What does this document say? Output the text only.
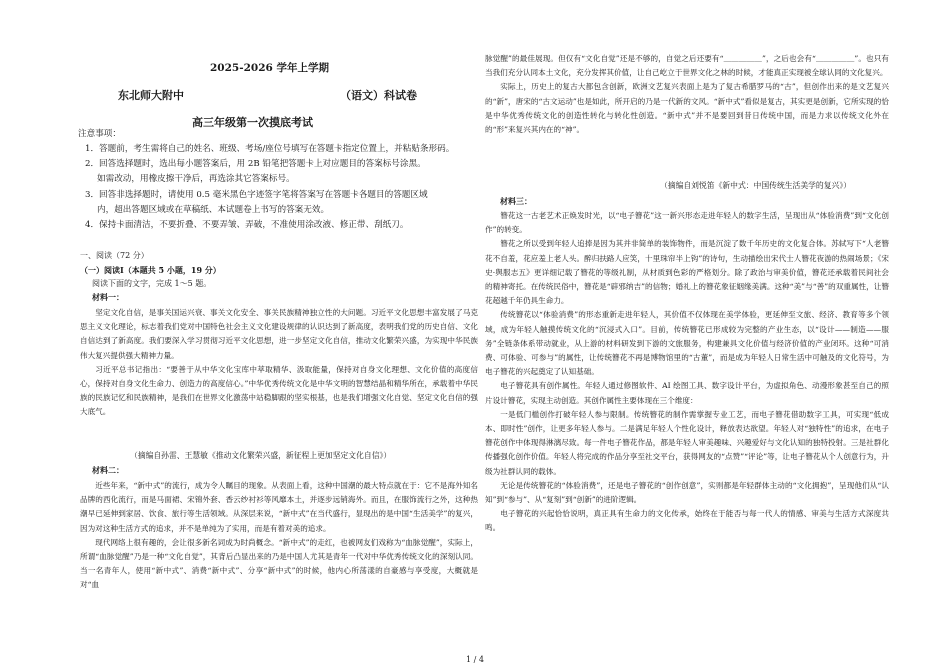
2025-2026 学年上学期
东北师大附中	（语文）科试卷
高三年级第一次摸底考试
注意事项：
1．答题前，考生需将自己的姓名、班级、考场/座位号填写在答题卡指定位置上，并粘贴条形码。
2．回答选择题时，选出每小题答案后，用 2B 铅笔把答题卡上对应题目的答案标号涂黑。
如需改动，用橡皮擦干净后，再选涂其它答案标号。
3．回答非选择题时，请使用 0.5 毫米黑色字迹签字笔将答案写在答题卡各题目的答题区域
内，超出答题区域或在草稿纸、本试题卷上书写的答案无效。
4．保持卡面清洁，不要折叠、不要弄皱、弄破，不准使用涂改液、修正带、刮纸刀。
一、阅读（72 分）
（一）阅读I（本题共 5 小题，19 分）
阅读下面的文字，完成 1～5 题。
材料一：

坚定文化自信，是事关国运兴衰、事关文化安全、事关民族精神独立性的大问题。习近平文化思想丰富发展了马克思主义文化理论，标志着我们党对中国特色社会主义文化建设规律的认识达到了新高度，表明我们党的历史自信、文化自信达到了新高度。我们要深入学习贯彻习近平文化思想，进一步坚定文化自信，推动文化繁荣兴盛，为实现中华民族伟大复兴提供强大精神力量。

习近平总书记指出：“要善于从中华文化宝库中萃取精华、汲取能量，保持对自身文化理想、文化价值的高度信心，保持对自身文化生命力、创造力的高度信心。”中华优秀传统文化是中华文明的智慧结晶和精华所在，承载着中华民族的民族记忆和民族精神，是我们在世界文化激荡中站稳脚跟的坚实根基，也是我们增强文化自觉、坚定文化自信的强大底气。

（摘编自孙雷、王慧敏《推动文化繁荣兴盛，新征程上更加坚定文化自信》）
材料二：

近些年来，“新中式”的流行，成为令人瞩目的现象。从表面上看，这种中国潮的最大特点就在于：它不是海外知名品牌的西化流行，而是马面裙、宋锦外套、香云纱衬衫等风靡本土，并逐步远销海外。而且，在服饰流行之外，这种热潮早已延伸到家居、饮食、旅行等生活领域。从深层来说，“新中式”在当代盛行，显现出的是中国“生活美学”的复兴，因为对这种生活方式的追求，并不是单纯为了实用，而是有着对美的追求。

现代网络上很有趣的，会让很多新名词成为时尚概念。“新中式”的走红，也被网友们戏称为“血脉觉醒”，实际上，所谓“血脉觉醒”乃是一种“文化自觉”，其背后凸显出来的乃是中国人尤其是青年一代对中华优秀传统文化的深刻认同。当一名青年人，使用“新中式”、消费“新中式”、分享“新中式”的时候，他内心所荡漾的自豪感与享受度，大概就是对“血

脉觉醒”的最佳展现。但仅有“文化自觉”还是不够的，自觉之后还要有“＿＿＿＿＿”，之后也会有“＿＿＿＿＿”。也只有当我们充分认同本土文化，充分发挥其价值，让自己屹立于世界文化之林的时候，才能真正实现被全球认同的文化复兴。

实际上，历史上的复古大都包含创新，欧洲文艺复兴表面上是为了复古希腊罗马的“古”，但创作出来的是文艺复兴的“新”，唐宋的“古文运动”也是如此，所开启的乃是一代新的文风。“新中式”看似是复古，其实更是创新，它所实现的恰是中华优秀传统文化的创造性转化与转化性创造。“新中式”并不是要回到昔日传统中国，而是力求以传统文化外在的“形”来复兴其内在的“神”。

（摘编自刘悦笛《新中式：中国传统生活美学的复兴》）
材料三：

簪花这一古老艺术正焕发时光，以“电子簪花”这一新兴形态走进年轻人的数字生活，呈现出从“体验消费”到“文化创作”的转变。

簪花之所以受到年轻人追捧是因为其并非简单的装饰物件，而是沉淀了数千年历史的文化复合体。苏轼写下“人老簪花不自羞，花应羞上老人头。醉归扶路人应笑，十里珠帘半上钩”的诗句，生动描绘出宋代士人簪花夜游的热闹场景；《宋史·舆服志五》更详细记载了簪花的等级礼制，从材质到色彩的严格划分。除了政治与审美价值，簪花还承载着民间社会的精神寄托。在传统民俗中，簪花是“辟邪纳吉”的信物；婚礼上的簪花象征姻缘美满。这种“美”与“善”的双重属性，让簪花超越千年仍具生命力。

传统簪花以“体验消费”的形态重新走进年轻人，其价值不仅体现在美学体验，更延伸至文旅、经济、教育等多个领域，成为年轻人触摸传统文化的“沉浸式入口”。目前，传统簪花已形成较为完整的产业生态，以“设计——制造——服务”全链条体系带动就业，从上游的材料研发到下游的文旅服务，构建兼具文化价值与经济价值的产业闭环。这种“可消费、可体验、可参与”的属性，让传统簪花不再是博物馆里的“古董”，而是成为年轻人日常生活中可触及的文化符号，为电子簪花的兴起奠定了认知基础。

电子簪花具有创作属性。年轻人通过修图软件、AI 绘图工具、数字设计平台，为虚拟角色、动漫形象甚至自己的照片设计簪花，实现主动创造。其创作属性主要体现在三个维度：

一是低门槛创作打破年轻人参与限制。传统簪花的制作需掌握专业工艺，而电子簪花借助数字工具，可实现“低成本、即时性”创作，让更多年轻人参与。二是满足年轻人个性化设计，释放表达欲望。年轻人对“独特性”的追求，在电子簪花创作中体现得淋漓尽致。每一件电子簪花作品，都是年轻人审美趣味、兴趣爱好与文化认知的独特投射。三是社群化传播强化创作价值。年轻人将完成的作品分享至社交平台，获得网友的“点赞”“评论”等，让电子簪花从个人创意行为，升级为社群认同的载体。

无论是传统簪花的“体验消费”，还是电子簪花的“创作创意”，实则都是年轻群体主动的“文化拥抱”，呈现他们从“认知”到“参与”、从“复刻”到“创新”的进阶逻辑。

电子簪花的兴起恰恰说明，真正具有生命力的文化传承，始终在于能否与每一代人的情感、审美与生活方式深度共鸣。

1 / 4
